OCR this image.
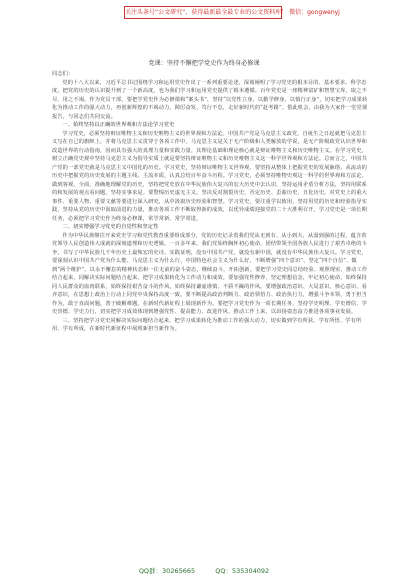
关注头条号“公文研究”，获得最新最全最专业的公文资料库！ 微信：gongwenyj
党课：坚持不懈把学党史作为终身必修课

同志们：

党的十八大以来，习近平总书记围绕学习和运用党史作出了一系列重要论述，深刻阐明了学习党史的根本目的、基本要求、科学态度，把党的历史的认识提升到了一个新高度，也为我们学习和运用党史提供了根本遵循。百年党史是一座精神富矿和智慧宝库，取之不尽、用之不竭。作为党员干部，要把学党史作为必修课和“案头书”，坚持“以党性立身，以勤学修身，以慎行正身”，切实把学习成果转化为推动工作的强大动力，再创新辉煌的不竭动力，踔厉奋发、笃行不怠，走好新时代的“赶考路”。借此机会，由我为大家作一堂党课报告，与同志们共同交流。

一、始终坚持以正确的世界观和方法论学习党史

学习党史，必须坚持辩证唯物主义和历史唯物主义的世界观和方法论。中国共产党是马克思主义政党。自诞生之日起就把马克思主义写在自己的旗帜上，并将马克思主义贯穿于各项工作中。马克思主义是关于无产阶级和人类解放的学说，是无产阶级政党认识世界和改造世界的行动指南，因而具有强大的真理力量和实践力量。其理论基础和理论核心就是辩证唯物主义和历史唯物主义。在学习党史，树立正确党史观中坚持马克思主义为指导实质上就是要坚持辩证唯物主义和历史唯物主义这一科学世界观和方法论。总而言之，中国共产党的一部党史就是马克思主义中国化的历史。学习党史，坚持辩证唯物主义世界观，要坚持从整体上把握党史的发展脉络，从流动的历史中把握党的历史发展的主题主线、主流本质，认真总结百年奋斗历程。学习党史，必须坚持唯物史观这一科学的世界观和方法论，做到客观、全面、准确地理解党的历史，坚持把党史放在中华民族伟大复兴的宏大历史中去认识，坚持运用矛盾分析方法，坚持用联系的和发展的观点看问题，坚持实事求是。要警惕历史虚无主义，坚决反对割裂历史、否定历史、歪曲历史、丑化历史。对党史上的重大事件、重要人物、重要文献等要进行深入研究，从中汲取历史经验和智慧。学习党史，要注重学以致用，坚持用党的历史和经验指导实践，坚持从党的历史中汲取前进的力量，推动各项工作不断取得新的成效，以优异成绩迎接党的二十大胜利召开。学习党史是一项长期任务，必须把学习党史作为终身必修课，常学常新、常学常进。

二、切实增强学习党史的自觉性和坚定性

作为中华民族继往开来党史学习和党性教育重要组成部分，党的历史记录着我们党从无到有、从小到大、从弱到强的过程，蕴含着党领导人民创造伟大成就的深刻道理和历史逻辑。一百多年来，我们党始终胸怀初心使命，团结带领全国各族人民进行了艰苦卓绝的斗争，书写了中华民族几千年历史上最恢宏的史诗。实践证明，没有中国共产党，就没有新中国，就没有中华民族伟大复兴。学习党史，要深刻认识中国共产党为什么能、马克思主义为什么行、中国特色社会主义为什么好，不断增强“四个意识”、坚定“四个自信”、做到“两个维护”，以永不懈怠的精神状态和一往无前的奋斗姿态，继续奋斗，开拓创新。要把学习党史同总结经验、观照现实、推动工作结合起来，同解决实际问题结合起来，把学习成果转化为工作动力和成效。要加强党性修养，坚定理想信念，牢记初心使命，始终保持同人民群众的血肉联系，始终保持艰苦奋斗的作风，始终保持谦虚谨慎、不骄不躁的作风。要增强政治意识、大局意识、核心意识、看齐意识，在思想上政治上行动上同党中央保持高度一致。要不断提高政治判断力、政治领悟力、政治执行力，增强斗争本领，勇于担当作为，敢于直面问题，善于破解难题，在新时代新征程上展现新作为。要把学习党史作为一项长期任务，坚持学史明理、学史增信、学史崇德、学史力行，切实把学习成效体现到增强党性、提高能力、改进作风、推动工作上来，以昂扬姿态奋力推进各项事业发展。

三、坚持把学习党史同解决实际问题结合起来，把学习成果转化为推动工作的强大动力，切实做到学有所获、学有所悟、学有所用、学有所成，在新时代新征程中展现新担当新作为。

QQ群：30265665	QQ：535304092
